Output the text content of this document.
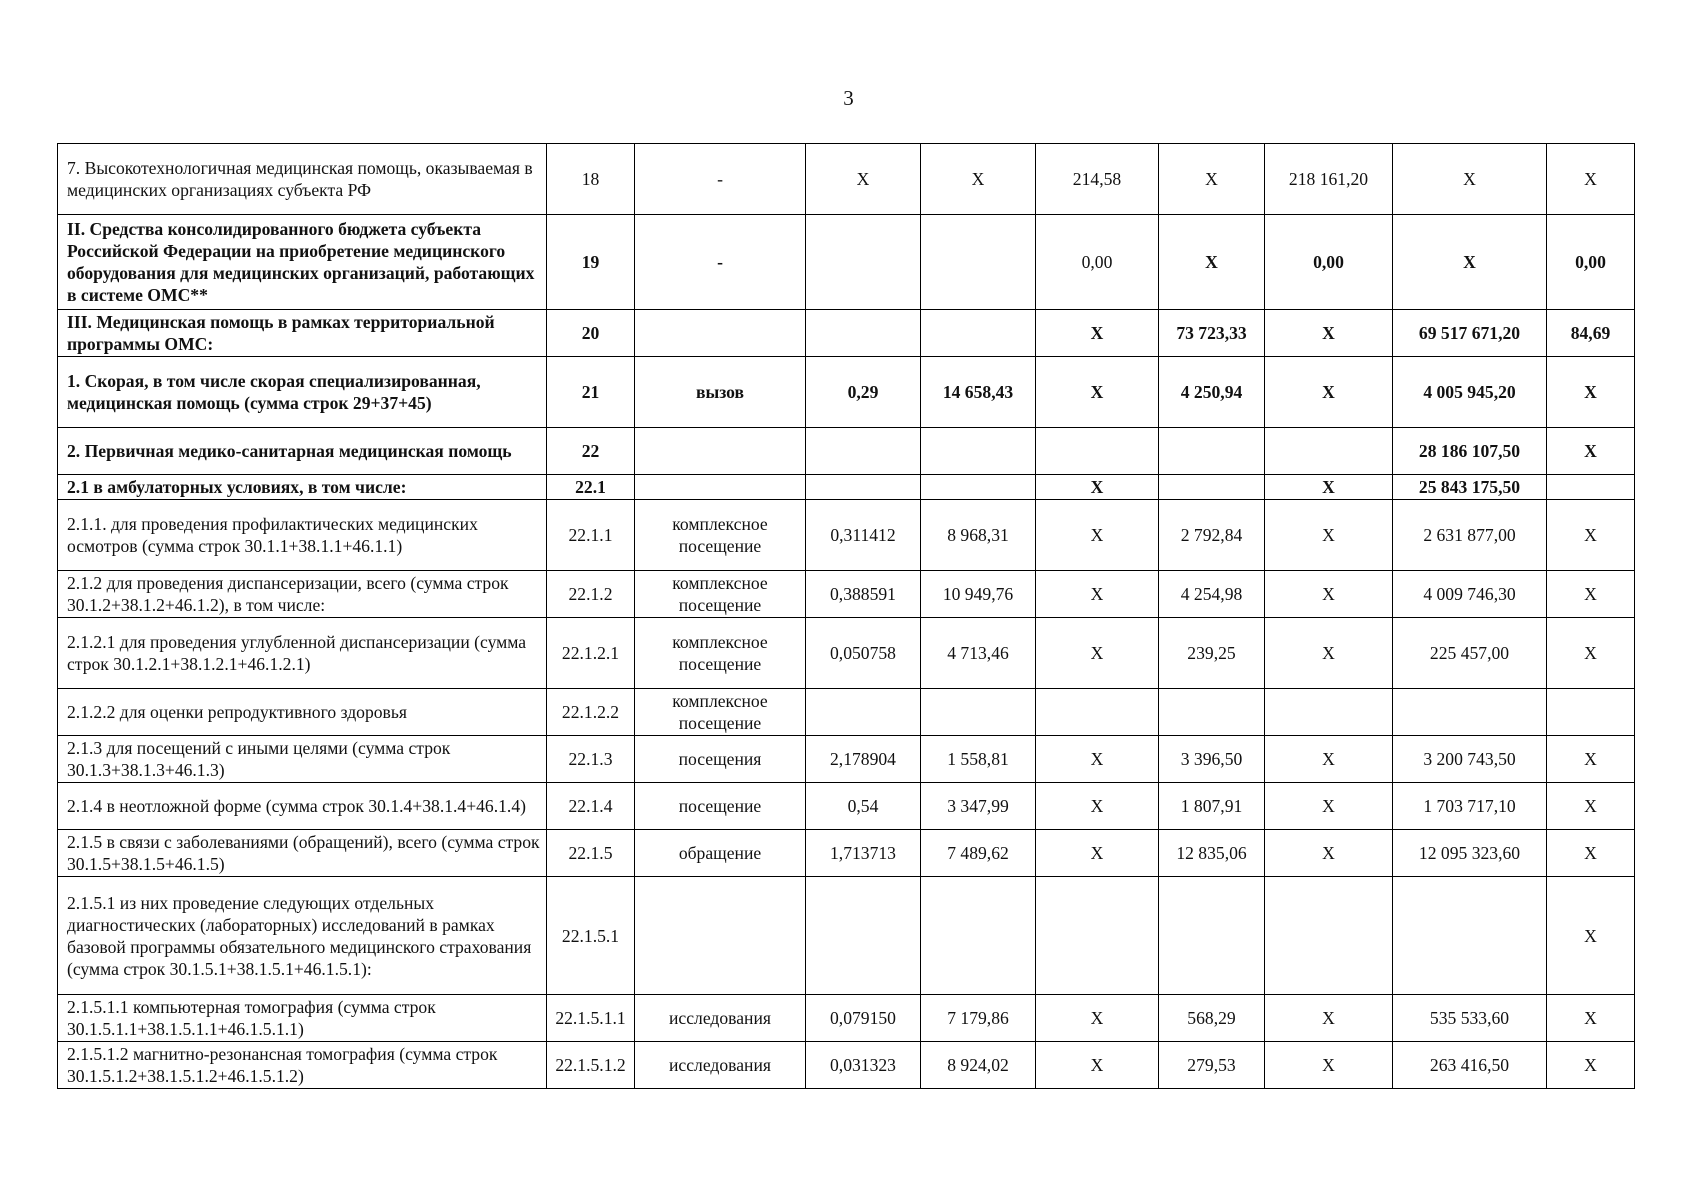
3
7. Высокотехнологичная медицинская помощь, оказываемая в медицинских организациях субъекта РФ	18	-	Х	Х	214,58	Х	218 161,20	Х	Х
II. Средства консолидированного бюджета субъекта Российской Федерации на приобретение медицинского оборудования для медицинских организаций, работающих в системе ОМС**	19	-			0,00	Х	0,00	Х	0,00
III. Медицинская помощь в рамках территориальной программы ОМС:	20				Х	73 723,33	Х	69 517 671,20	84,69
1. Скорая, в том числе скорая специализированная, медицинская помощь (сумма строк 29+37+45)	21	вызов	0,29	14 658,43	Х	4 250,94	Х	4 005 945,20	Х
2. Первичная медико-санитарная медицинская помощь	22							28 186 107,50	Х
2.1 в амбулаторных условиях, в том числе:	22.1				Х		Х	25 843 175,50	
2.1.1. для проведения профилактических медицинских осмотров (сумма строк 30.1.1+38.1.1+46.1.1)	22.1.1	комплексное посещение	0,311412	8 968,31	Х	2 792,84	Х	2 631 877,00	Х
2.1.2 для проведения диспансеризации, всего (сумма строк 30.1.2+38.1.2+46.1.2), в том числе:	22.1.2	комплексное посещение	0,388591	10 949,76	Х	4 254,98	Х	4 009 746,30	Х
2.1.2.1 для проведения углубленной диспансеризации (сумма строк 30.1.2.1+38.1.2.1+46.1.2.1)	22.1.2.1	комплексное посещение	0,050758	4 713,46	Х	239,25	Х	225 457,00	Х
2.1.2.2 для оценки репродуктивного здоровья	22.1.2.2	комплексное посещение							
2.1.3 для посещений с иными целями (сумма строк 30.1.3+38.1.3+46.1.3)	22.1.3	посещения	2,178904	1 558,81	Х	3 396,50	Х	3 200 743,50	Х
2.1.4 в неотложной форме (сумма строк 30.1.4+38.1.4+46.1.4)	22.1.4	посещение	0,54	3 347,99	Х	1 807,91	Х	1 703 717,10	Х
2.1.5 в связи с заболеваниями (обращений), всего (сумма строк 30.1.5+38.1.5+46.1.5)	22.1.5	обращение	1,713713	7 489,62	Х	12 835,06	Х	12 095 323,60	Х
2.1.5.1 из них проведение следующих отдельных диагностических (лабораторных) исследований в рамках базовой программы обязательного медицинского страхования (сумма строк 30.1.5.1+38.1.5.1+46.1.5.1):	22.1.5.1								Х
2.1.5.1.1 компьютерная томография (сумма строк 30.1.5.1.1+38.1.5.1.1+46.1.5.1.1)	22.1.5.1.1	исследования	0,079150	7 179,86	Х	568,29	Х	535 533,60	Х
2.1.5.1.2 магнитно-резонансная томография (сумма строк 30.1.5.1.2+38.1.5.1.2+46.1.5.1.2)	22.1.5.1.2	исследования	0,031323	8 924,02	Х	279,53	Х	263 416,50	Х
